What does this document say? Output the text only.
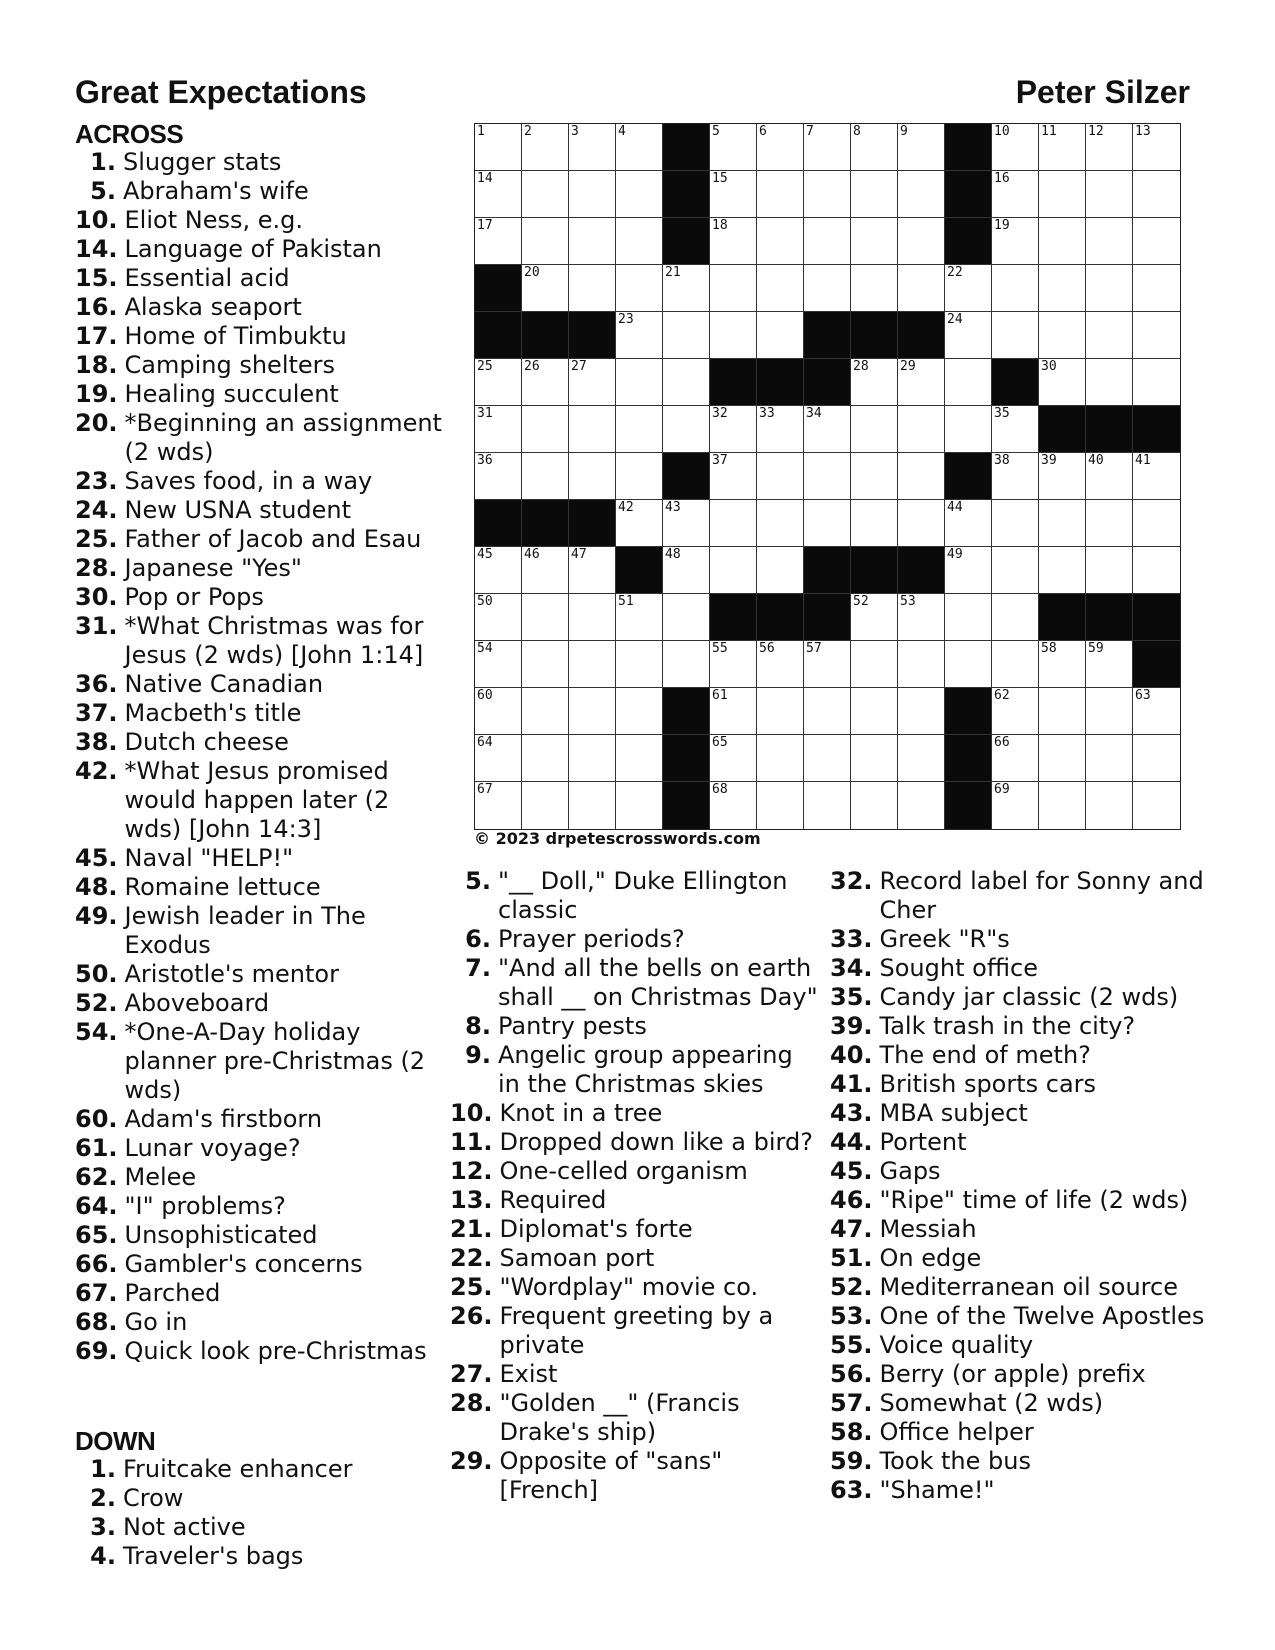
Great Expectations	Peter Silzer
ACROSS
1. Slugger stats
5. Abraham's wife
10. Eliot Ness, e.g.
14. Language of Pakistan
15. Essential acid
16. Alaska seaport
17. Home of Timbuktu
18. Camping shelters
19. Healing succulent
20. *Beginning an assignment (2 wds)
23. Saves food, in a way
24. New USNA student
25. Father of Jacob and Esau
28. Japanese "Yes"
30. Pop or Pops
31. *What Christmas was for Jesus (2 wds) [John 1:14]
36. Native Canadian
37. Macbeth's title
38. Dutch cheese
42. *What Jesus promised would happen later (2 wds) [John 14:3]
45. Naval "HELP!"
48. Romaine lettuce
49. Jewish leader in The Exodus
50. Aristotle's mentor
52. Aboveboard
54. *One-A-Day holiday planner pre-Christmas (2 wds)
60. Adam's firstborn
61. Lunar voyage?
62. Melee
64. "I" problems?
65. Unsophisticated
66. Gambler's concerns
67. Parched
68. Go in
69. Quick look pre-Christmas
DOWN
1. Fruitcake enhancer
2. Crow
3. Not active
4. Traveler's bags
1	2	3	4	5	6	7	8	9	10 11 12 13
14	15	16
17	18	19
20	21	22
23	24
25 26 27	28 29	30
31	32 33 34	35
36	37	38 39 40 41
42 43	44
45 46 47	48	49
50	51	52 53
54	55 56 57	58 59
60	61	62	63
64	65	66
67	68	69
© 2023 drpetescrosswords.com
5. "__ Doll," Duke Ellington classic
6. Prayer periods?
7. "And all the bells on earth shall __ on Christmas Day"
8. Pantry pests
9. Angelic group appearing in the Christmas skies
10. Knot in a tree
11. Dropped down like a bird?
12. One-celled organism
13. Required
21. Diplomat's forte
22. Samoan port
25. "Wordplay" movie co.
26. Frequent greeting by a private
27. Exist
28. "Golden __" (Francis Drake's ship)
29. Opposite of "sans" [French]
32. Record label for Sonny and Cher
33. Greek "R"s
34. Sought office
35. Candy jar classic (2 wds)
39. Talk trash in the city?
40. The end of meth?
41. British sports cars
43. MBA subject
44. Portent
45. Gaps
46. "Ripe" time of life (2 wds)
47. Messiah
51. On edge
52. Mediterranean oil source
53. One of the Twelve Apostles
55. Voice quality
56. Berry (or apple) prefix
57. Somewhat (2 wds)
58. Office helper
59. Took the bus
63. "Shame!"
